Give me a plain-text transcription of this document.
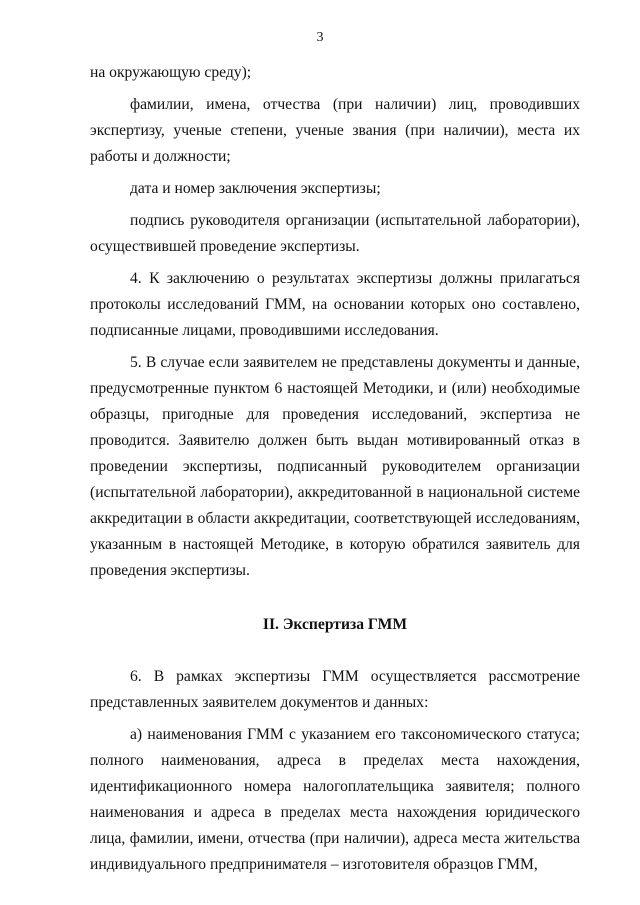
3

на окружающую среду);

фамилии, имена, отчества (при наличии) лиц, проводивших экспертизу, ученые степени, ученые звания (при наличии), места их работы и должности;

дата и номер заключения экспертизы;

подпись руководителя организации (испытательной лаборатории), осуществившей проведение экспертизы.

4. К заключению о результатах экспертизы должны прилагаться протоколы исследований ГММ, на основании которых оно составлено, подписанные лицами, проводившими исследования.

5. В случае если заявителем не представлены документы и данные, предусмотренные пунктом 6 настоящей Методики, и (или) необходимые образцы, пригодные для проведения исследований, экспертиза не проводится. Заявителю должен быть выдан мотивированный отказ в проведении экспертизы, подписанный руководителем организации (испытательной лаборатории), аккредитованной в национальной системе аккредитации в области аккредитации, соответствующей исследованиям, указанным в настоящей Методике, в которую обратился заявитель для проведения экспертизы.

II. Экспертиза ГММ

6. В рамках экспертизы ГММ осуществляется рассмотрение представленных заявителем документов и данных:

а) наименования ГММ с указанием его таксономического статуса; полного наименования, адреса в пределах места нахождения, идентификационного номера налогоплательщика заявителя; полного наименования и адреса в пределах места нахождения юридического лица, фамилии, имени, отчества (при наличии), адреса места жительства индивидуального предпринимателя – изготовителя образцов ГММ,
